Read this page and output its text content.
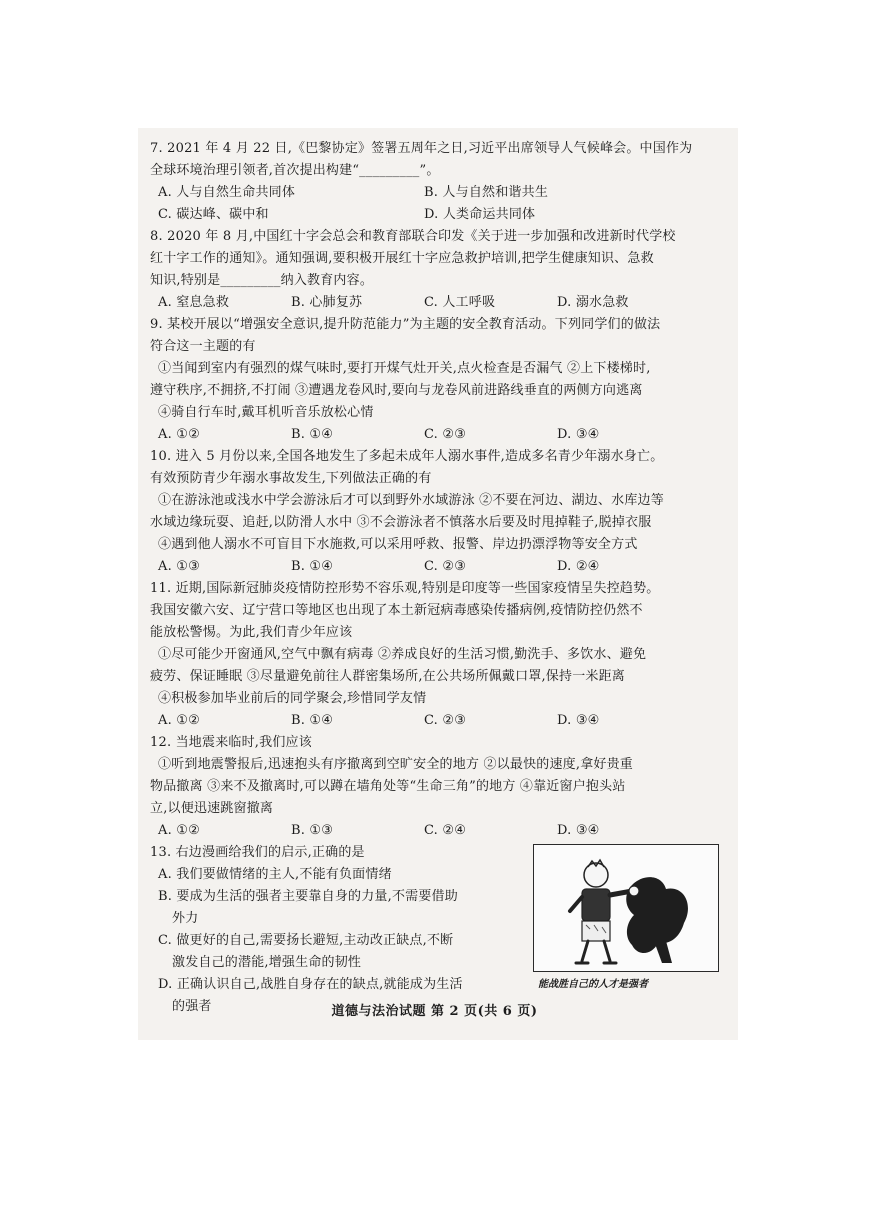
7. 2021 年 4 月 22 日,《巴黎协定》签署五周年之日,习近平出席领导人气候峰会。中国作为

全球环境治理引领者,首次提出构建“_________”。

A. 人与自然生命共同体	B. 人与自然和谐共生
C. 碳达峰、碳中和	D. 人类命运共同体

8. 2020 年 8 月,中国红十字会总会和教育部联合印发《关于进一步加强和改进新时代学校

红十字工作的通知》。通知强调,要积极开展红十字应急救护培训,把学生健康知识、急救

知识,特别是_________纳入教育内容。

A. 窒息急救	B. 心肺复苏	C. 人工呼吸	D. 溺水急救

9. 某校开展以“增强安全意识,提升防范能力”为主题的安全教育活动。下列同学们的做法

符合这一主题的有

①当闻到室内有强烈的煤气味时,要打开煤气灶开关,点火检查是否漏气 ②上下楼梯时,

遵守秩序,不拥挤,不打闹 ③遭遇龙卷风时,要向与龙卷风前进路线垂直的两侧方向逃离

④骑自行车时,戴耳机听音乐放松心情

A. ①②	B. ①④	C. ②③	D. ③④

10. 进入 5 月份以来,全国各地发生了多起未成年人溺水事件,造成多名青少年溺水身亡。

有效预防青少年溺水事故发生,下列做法正确的有

①在游泳池或浅水中学会游泳后才可以到野外水域游泳 ②不要在河边、湖边、水库边等

水域边缘玩耍、追赶,以防滑人水中 ③不会游泳者不慎落水后要及时甩掉鞋子,脱掉衣服

④遇到他人溺水不可盲目下水施救,可以采用呼救、报警、岸边扔漂浮物等安全方式

A. ①③	B. ①④	C. ②③	D. ②④

11. 近期,国际新冠肺炎疫情防控形势不容乐观,特别是印度等一些国家疫情呈失控趋势。

我国安徽六安、辽宁营口等地区也出现了本土新冠病毒感染传播病例,疫情防控仍然不

能放松警惕。为此,我们青少年应该

①尽可能少开窗通风,空气中飘有病毒 ②养成良好的生活习惯,勤洗手、多饮水、避免

疲劳、保证睡眠 ③尽量避免前往人群密集场所,在公共场所佩戴口罩,保持一米距离

④积极参加毕业前后的同学聚会,珍惜同学友情

A. ①②	B. ①④	C. ②③	D. ③④

12. 当地震来临时,我们应该

①听到地震警报后,迅速抱头有序撤离到空旷安全的地方 ②以最快的速度,拿好贵重

物品撤离 ③来不及撤离时,可以蹲在墙角处等“生命三角”的地方 ④靠近窗户抱头站

立,以便迅速跳窗撤离

A. ①②	B. ①③	C. ②④	D. ③④

13. 右边漫画给我们的启示,正确的是

A. 我们要做情绪的主人,不能有负面情绪

B. 要成为生活的强者主要靠自身的力量,不需要借助

外力

C. 做更好的自己,需要扬长避短,主动改正缺点,不断

激发自己的潜能,增强生命的韧性

D. 正确认识自己,战胜自身存在的缺点,就能成为生活

的强者

能战胜自己的人才是强者
道德与法治试题 第 2 页(共 6 页)
